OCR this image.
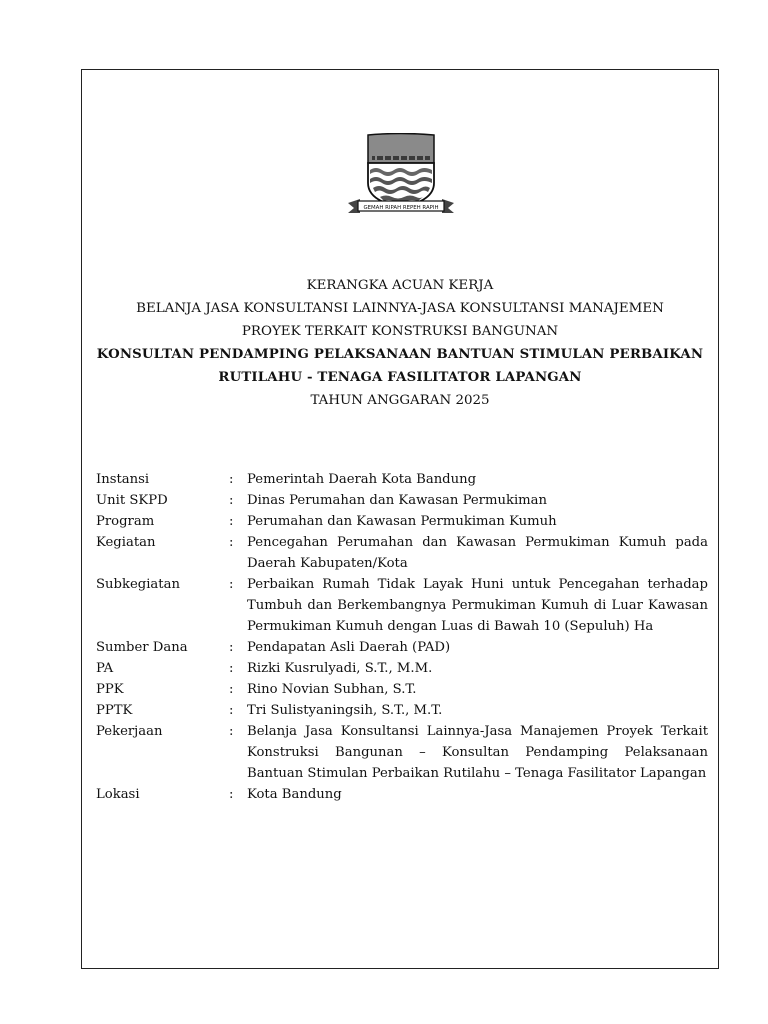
GEMAH RIPAH REPEH RAPIH
KERANGKA ACUAN KERJA
BELANJA JASA KONSULTANSI LAINNYA-JASA KONSULTANSI MANAJEMEN
PROYEK TERKAIT KONSTRUKSI BANGUNAN
KONSULTAN PENDAMPING PELAKSANAAN BANTUAN STIMULAN PERBAIKAN
RUTILAHU - TENAGA FASILITATOR LAPANGAN
TAHUN ANGGARAN 2025
Instansi	:	Pemerintah Daerah Kota Bandung
Unit SKPD	:	Dinas Perumahan dan Kawasan Permukiman
Program	:	Perumahan dan Kawasan Permukiman Kumuh
Kegiatan	:	Pencegahan Perumahan dan Kawasan Permukiman Kumuh pada Daerah Kabupaten/Kota
Subkegiatan	:	Perbaikan Rumah Tidak Layak Huni untuk Pencegahan terhadap Tumbuh dan Berkembangnya Permukiman Kumuh di Luar Kawasan Permukiman Kumuh dengan Luas di Bawah 10 (Sepuluh) Ha
Sumber Dana	:	Pendapatan Asli Daerah (PAD)
PA	:	Rizki Kusrulyadi, S.T., M.M.
PPK	:	Rino Novian Subhan, S.T.
PPTK	:	Tri Sulistyaningsih, S.T., M.T.
Pekerjaan	:	Belanja Jasa Konsultansi Lainnya-Jasa Manajemen Proyek Terkait Konstruksi Bangunan – Konsultan Pendamping Pelaksanaan Bantuan Stimulan Perbaikan Rutilahu – Tenaga Fasilitator Lapangan
Lokasi	:	Kota Bandung
